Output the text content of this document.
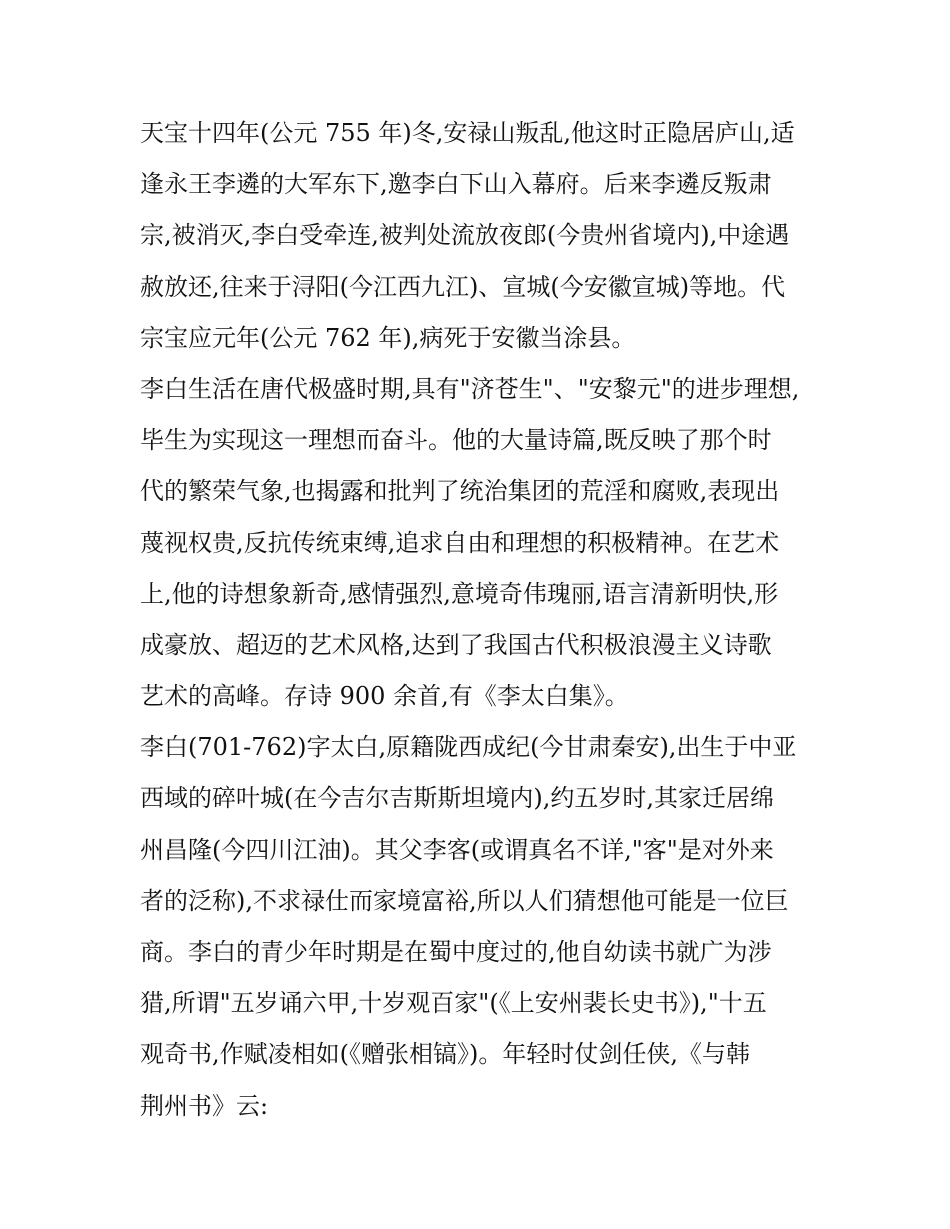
天宝十四年(公元 755 年)冬,安禄山叛乱,他这时正隐居庐山,适
逢永王李遴的大军东下,邀李白下山入幕府。后来李遴反叛肃
宗,被消灭,李白受牵连,被判处流放夜郎(今贵州省境内),中途遇
赦放还,往来于浔阳(今江西九江)、宣城(今安徽宣城)等地。代
宗宝应元年(公元 762 年),病死于安徽当涂县。
李白生活在唐代极盛时期,具有"济苍生"、"安黎元"的进步理想,
毕生为实现这一理想而奋斗。他的大量诗篇,既反映了那个时
代的繁荣气象,也揭露和批判了统治集团的荒淫和腐败,表现出
蔑视权贵,反抗传统束缚,追求自由和理想的积极精神。在艺术
上,他的诗想象新奇,感情强烈,意境奇伟瑰丽,语言清新明快,形
成豪放、超迈的艺术风格,达到了我国古代积极浪漫主义诗歌
艺术的高峰。存诗 900 余首,有《李太白集》。
李白(701-762)字太白,原籍陇西成纪(今甘肃秦安),出生于中亚
西域的碎叶城(在今吉尔吉斯斯坦境内),约五岁时,其家迁居绵
州昌隆(今四川江油)。其父李客(或谓真名不详,"客"是对外来
者的泛称),不求禄仕而家境富裕,所以人们猜想他可能是一位巨
商。李白的青少年时期是在蜀中度过的,他自幼读书就广为涉
猎,所谓"五岁诵六甲,十岁观百家"(《上安州裴长史书》),"十五
观奇书,作赋凌相如(《赠张相镐》)。年轻时仗剑任侠,《与韩
荆州书》云:
